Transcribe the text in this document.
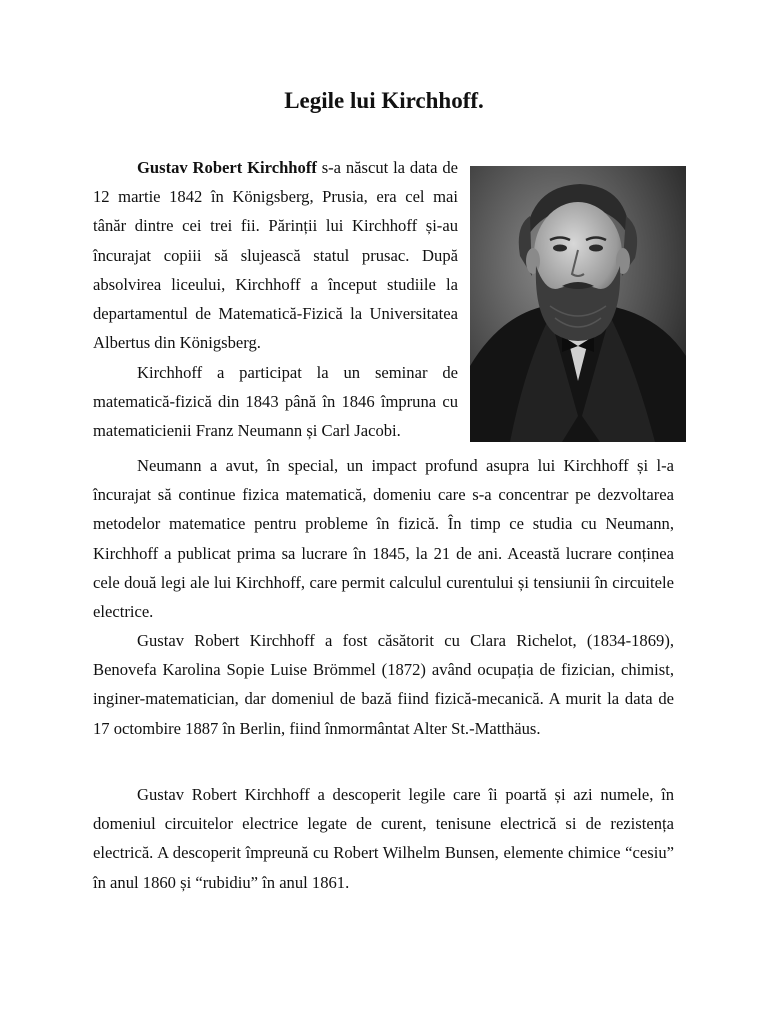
Legile lui Kirchhoff.

Gustav Robert Kirchhoff s-a născut la data de 12 martie 1842 în Königsberg, Prusia, era cel mai tânăr dintre cei trei fii. Părinții lui Kirchhoff și-au încurajat copiii să slujească statul prusac. După absolvirea liceului, Kirchhoff a început studiile la departamentul de Matematică-Fizică la Universitatea Albertus din Königsberg.

Kirchhoff a participat la un seminar de matematică-fizică din 1843 până în 1846 împruna cu matematicienii Franz Neumann și Carl Jacobi.

Neumann a avut, în special, un impact profund asupra lui Kirchhoff și l-a încurajat să continue fizica matematică, domeniu care s-a concentrar pe dezvoltarea metodelor matematice pentru probleme în fizică. În timp ce studia cu Neumann, Kirchhoff a publicat prima sa lucrare în 1845, la 21 de ani. Această lucrare conținea cele două legi ale lui Kirchhoff, care permit calculul curentului și tensiunii în circuitele electrice.

Gustav Robert Kirchhoff a fost căsătorit cu Clara Richelot, (1834-1869), Benovefa Karolina Sopie Luise Brömmel (1872) având ocupația de fizician, chimist, inginer-matematician, dar domeniul de bază fiind fizică-mecanică. A murit la data de 17 octombire 1887 în Berlin, fiind înmormântat Alter St.-Matthäus.

Gustav Robert Kirchhoff a descoperit legile care îi poartă și azi numele, în domeniul circuitelor electrice legate de curent, tenisune electrică si de rezistența electrică. A descoperit împreună cu Robert Wilhelm Bunsen, elemente chimice “cesiu” în anul 1860 și “rubidiu” în anul 1861.
